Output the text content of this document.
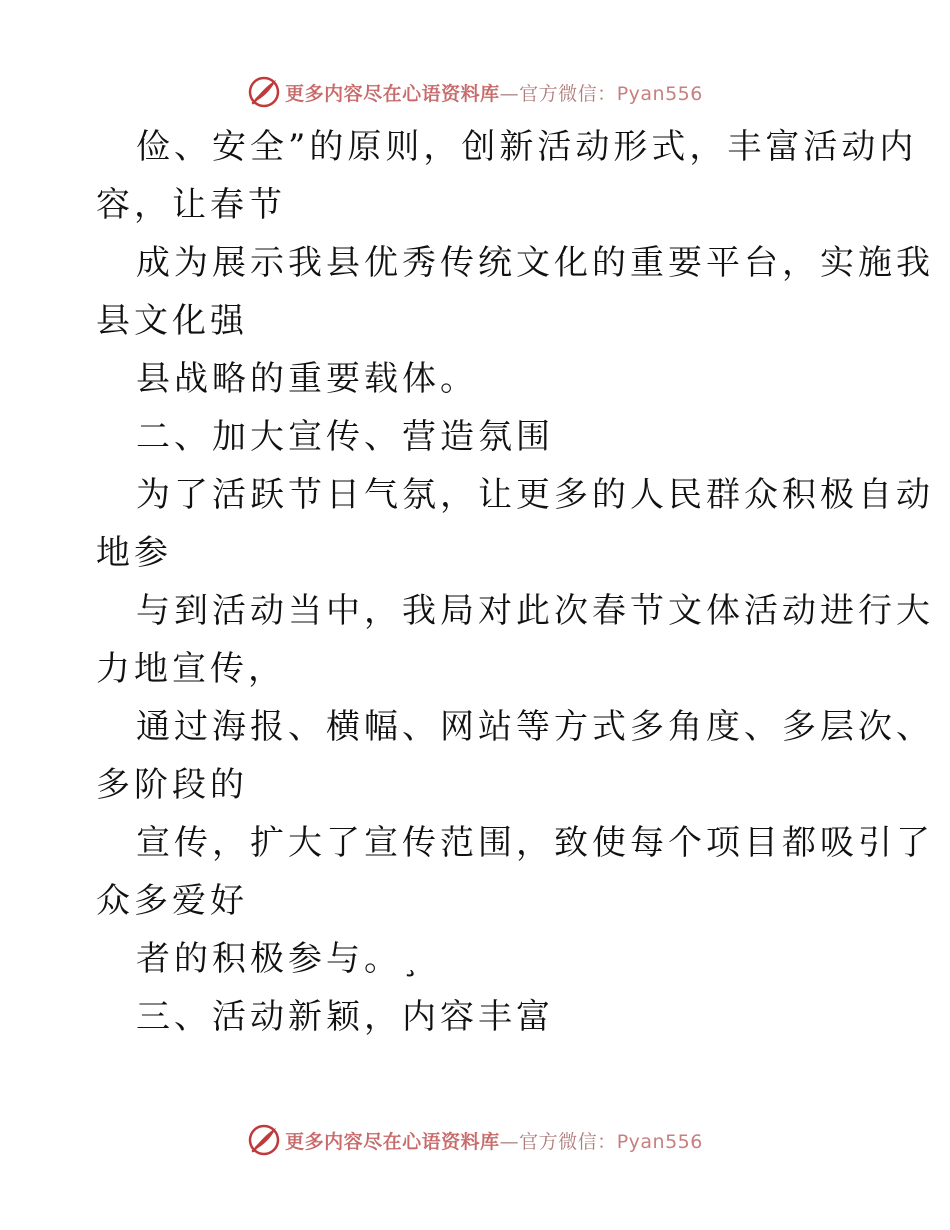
更多内容尽在心语资料库—官方微信：Pyan556
俭、安全”的原则，创新活动形式，丰富活动内
容，让春节
成为展示我县优秀传统文化的重要平台，实施我
县文化强
县战略的重要载体。
二、加大宣传、营造氛围
为了活跃节日气氛，让更多的人民群众积极自动
地参
与到活动当中，我局对此次春节文体活动进行大
力地宣传，
通过海报、横幅、网站等方式多角度、多层次、
多阶段的
宣传，扩大了宣传范围，致使每个项目都吸引了
众多爱好
者的积极参与。¸
三、活动新颖，内容丰富
更多内容尽在心语资料库—官方微信：Pyan556
